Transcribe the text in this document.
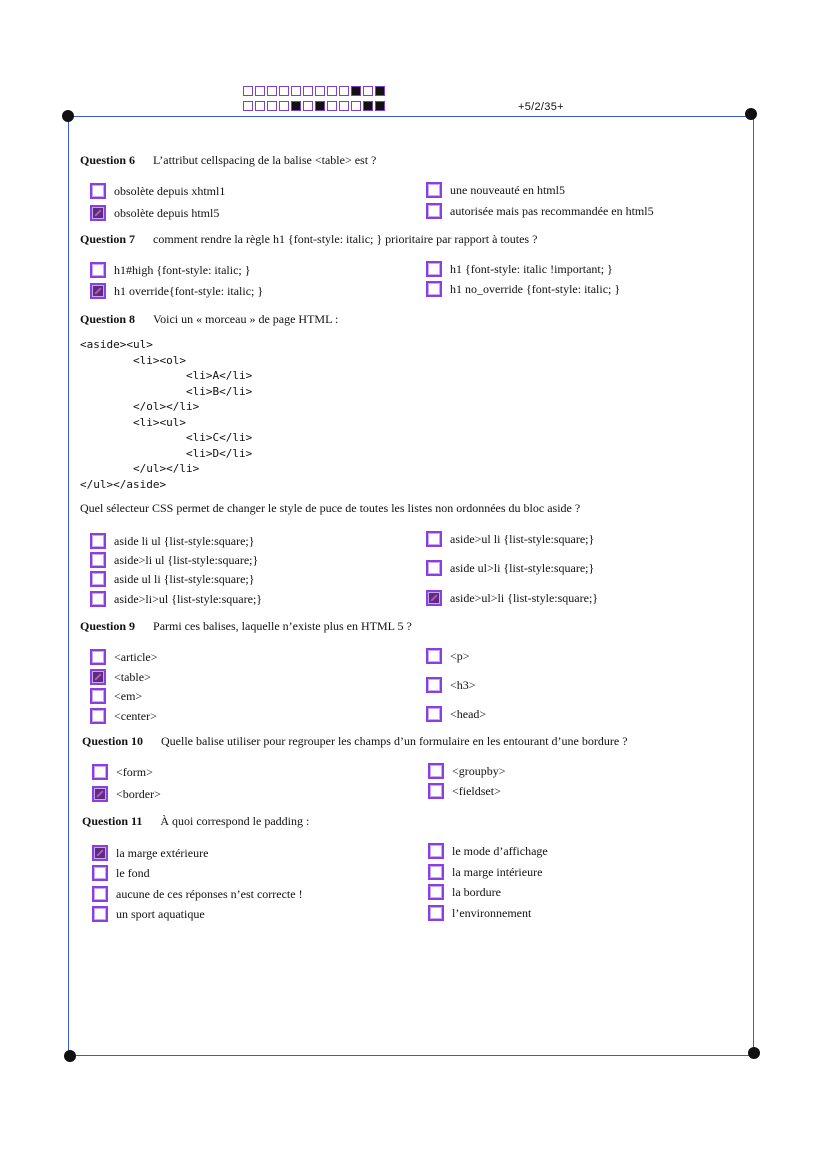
+5/2/35+
Question 6 L’attribut cellspacing de la balise <table> est ?
obsolète depuis xhtml1
obsolète depuis html5
une nouveauté en html5
autorisée mais pas recommandée en html5
Question 7 comment rendre la règle h1 {font-style: italic; } prioritaire par rapport à toutes ?
h1#high {font-style: italic; }
h1 override{font-style: italic; }
h1 {font-style: italic !important; }
h1 no_override {font-style: italic; }
Question 8 Voici un « morceau » de page HTML :
<aside><ul>
<li><ol>
<li>A</li>
<li>B</li>
</ol></li>
<li><ul>
<li>C</li>
<li>D</li>
</ul></li>
</ul></aside>
Quel sélecteur CSS permet de changer le style de puce de toutes les listes non ordonnées du bloc aside ?
aside li ul {list-style:square;}
aside>li ul {list-style:square;}
aside ul li {list-style:square;}
aside>li>ul {list-style:square;}
aside>ul li {list-style:square;}
aside ul>li {list-style:square;}
aside>ul>li {list-style:square;}
Question 9 Parmi ces balises, laquelle n’existe plus en HTML 5 ?
<article>
<table>
<em>
<center>
<p>
<h3>
<head>
Question 10 Quelle balise utiliser pour regrouper les champs d’un formulaire en les entourant d’une bordure ?
<form>
<border>
<groupby>
<fieldset>
Question 11 À quoi correspond le padding :
la marge extérieure
le fond
aucune de ces réponses n’est correcte !
un sport aquatique
le mode d’affichage
la marge intérieure
la bordure
l’environnement
